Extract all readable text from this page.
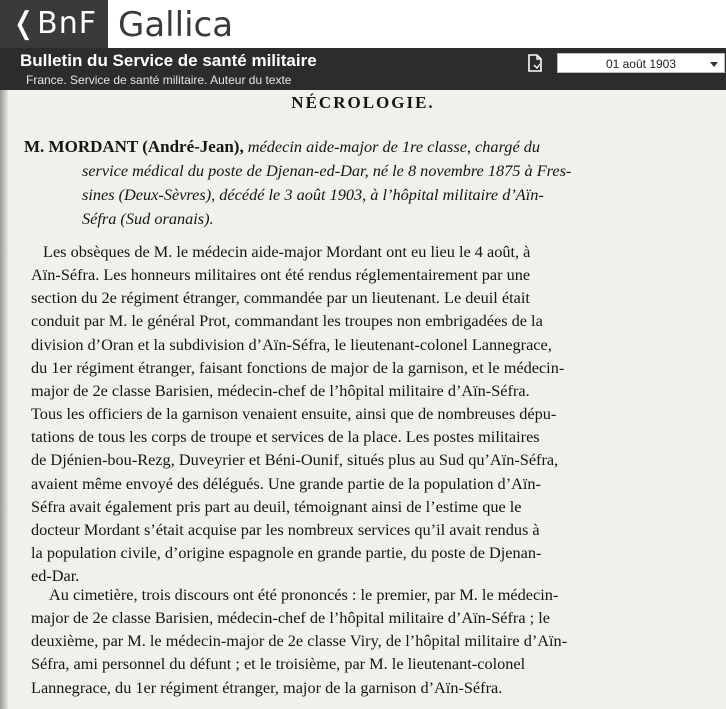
❬BnF Gallica
Bulletin du Service de santé militaire
France. Service de santé militaire. Auteur du texte
01 août 1903
NÉCROLOGIE.
M. MORDANT (André-Jean), médecin aide-major de 1re classe, chargé du
service médical du poste de Djenan-ed-Dar, né le 8 novembre 1875 à Fres-
sines (Deux-Sèvres), décédé le 3 août 1903, à l’hôpital militaire d’Aïn-
Séfra (Sud oranais).
Les obsèques de M. le médecin aide-major Mordant ont eu lieu le 4 août, à
Aïn-Séfra. Les honneurs militaires ont été rendus réglementairement par une
section du 2e régiment étranger, commandée par un lieutenant. Le deuil était
conduit par M. le général Prot, commandant les troupes non embrigadées de la
division d’Oran et la subdivision d’Aïn-Séfra, le lieutenant-colonel Lannegrace,
du 1er régiment étranger, faisant fonctions de major de la garnison, et le médecin-
major de 2e classe Barisien, médecin-chef de l’hôpital militaire d’Aïn-Séfra.
Tous les officiers de la garnison venaient ensuite, ainsi que de nombreuses dépu-
tations de tous les corps de troupe et services de la place. Les postes militaires
de Djénien-bou-Rezg, Duveyrier et Béni-Ounif, situés plus au Sud qu’Aïn-Séfra,
avaient même envoyé des délégués. Une grande partie de la population d’Aïn-
Séfra avait également pris part au deuil, témoignant ainsi de l’estime que le
docteur Mordant s’était acquise par les nombreux services qu’il avait rendus à
la population civile, d’origine espagnole en grande partie, du poste de Djenan-
ed-Dar.
Au cimetière, trois discours ont été prononcés : le premier, par M. le médecin-
major de 2e classe Barisien, médecin-chef de l’hôpital militaire d’Aïn-Séfra ; le
deuxième, par M. le médecin-major de 2e classe Viry, de l’hôpital militaire d’Aïn-
Séfra, ami personnel du défunt ; et le troisième, par M. le lieutenant-colonel
Lannegrace, du 1er régiment étranger, major de la garnison d’Aïn-Séfra.
